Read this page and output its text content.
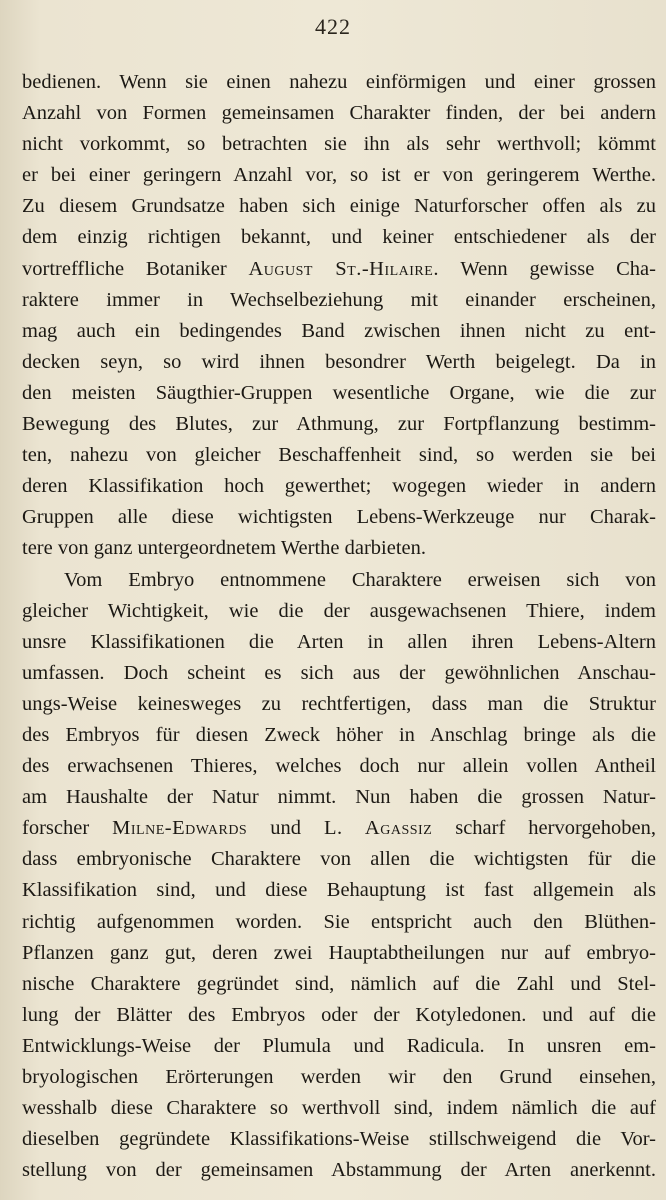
422
bedienen. Wenn sie einen nahezu einförmigen und einer grossen
Anzahl von Formen gemeinsamen Charakter finden, der bei andern
nicht vorkommt, so betrachten sie ihn als sehr werthvoll; kömmt
er bei einer geringern Anzahl vor, so ist er von geringerem Werthe.
Zu diesem Grundsatze haben sich einige Naturforscher offen als zu
dem einzig richtigen bekannt, und keiner entschiedener als der
vortreffliche Botaniker August St.-Hilaire. Wenn gewisse Cha-
raktere immer in Wechselbeziehung mit einander erscheinen,
mag auch ein bedingendes Band zwischen ihnen nicht zu ent-
decken seyn, so wird ihnen besondrer Werth beigelegt. Da in
den meisten Säugthier-Gruppen wesentliche Organe, wie die zur
Bewegung des Blutes, zur Athmung, zur Fortpflanzung bestimm-
ten, nahezu von gleicher Beschaffenheit sind, so werden sie bei
deren Klassifikation hoch gewerthet; wogegen wieder in andern
Gruppen alle diese wichtigsten Lebens-Werkzeuge nur Charak-
tere von ganz untergeordnetem Werthe darbieten.
Vom Embryo entnommene Charaktere erweisen sich von
gleicher Wichtigkeit, wie die der ausgewachsenen Thiere, indem
unsre Klassifikationen die Arten in allen ihren Lebens-Altern
umfassen. Doch scheint es sich aus der gewöhnlichen Anschau-
ungs-Weise keinesweges zu rechtfertigen, dass man die Struktur
des Embryos für diesen Zweck höher in Anschlag bringe als die
des erwachsenen Thieres, welches doch nur allein vollen Antheil
am Haushalte der Natur nimmt. Nun haben die grossen Natur-
forscher Milne-Edwards und L. Agassiz scharf hervorgehoben,
dass embryonische Charaktere von allen die wichtigsten für die
Klassifikation sind, und diese Behauptung ist fast allgemein als
richtig aufgenommen worden. Sie entspricht auch den Blüthen-
Pflanzen ganz gut, deren zwei Hauptabtheilungen nur auf embryo-
nische Charaktere gegründet sind, nämlich auf die Zahl und Stel-
lung der Blätter des Embryos oder der Kotyledonen. und auf die
Entwicklungs-Weise der Plumula und Radicula. In unsren em-
bryologischen Erörterungen werden wir den Grund einsehen,
wesshalb diese Charaktere so werthvoll sind, indem nämlich die auf
dieselben gegründete Klassifikations-Weise stillschweigend die Vor-
stellung von der gemeinsamen Abstammung der Arten anerkennt.
